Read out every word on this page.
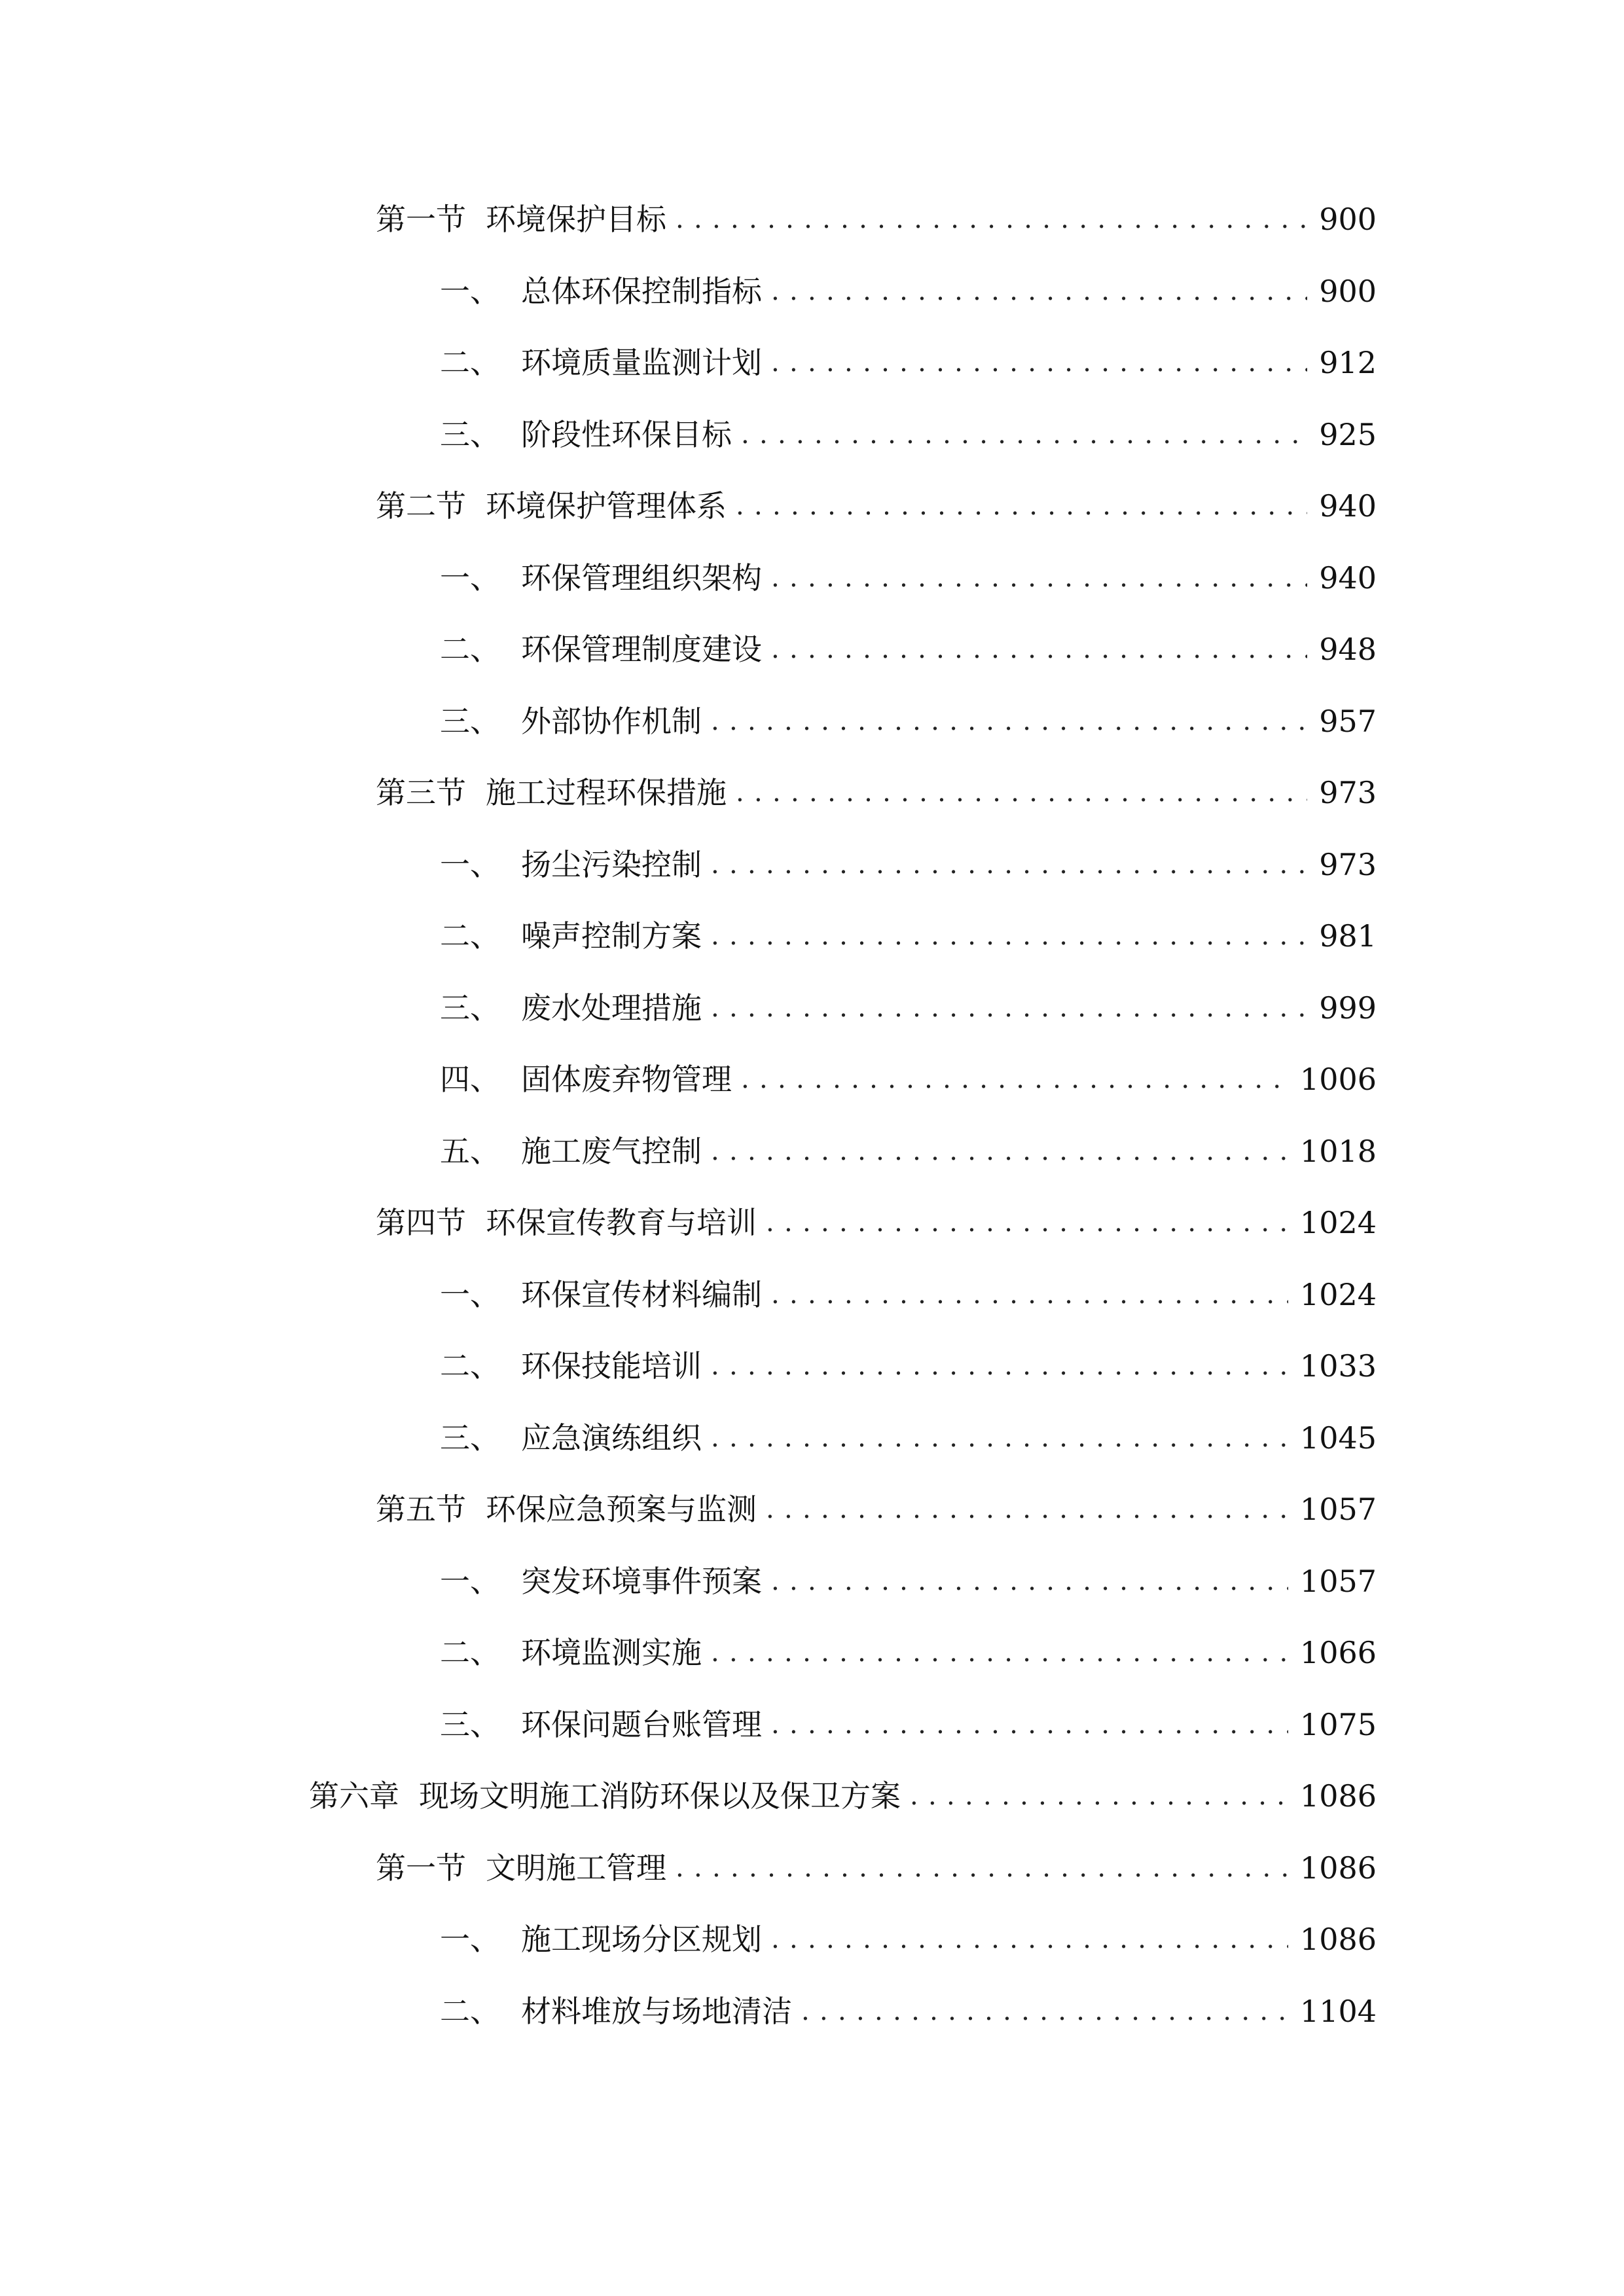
第一节 环境保护目标 .....	900
一、 总体环保控制指标 .....	900
二、 环境质量监测计划 .....	912
三、 阶段性环保目标 .....	925
第二节 环境保护管理体系 .....	940
一、 环保管理组织架构 .....	940
二、 环保管理制度建设 .....	948
三、 外部协作机制 .....	957
第三节 施工过程环保措施 .....	973
一、 扬尘污染控制 .....	973
二、 噪声控制方案 .....	981
三、 废水处理措施 .....	999
四、 固体废弃物管理 .....	1006
五、 施工废气控制 .....	1018
第四节 环保宣传教育与培训 .....	1024
一、 环保宣传材料编制 .....	1024
二、 环保技能培训 .....	1033
三、 应急演练组织 .....	1045
第五节 环保应急预案与监测 .....	1057
一、 突发环境事件预案 .....	1057
二、 环境监测实施 .....	1066
三、 环保问题台账管理 .....	1075
第六章 现场文明施工消防环保以及保卫方案 .....	1086
第一节 文明施工管理 .....	1086
一、 施工现场分区规划 .....	1086
二、 材料堆放与场地清洁 .....	1104
